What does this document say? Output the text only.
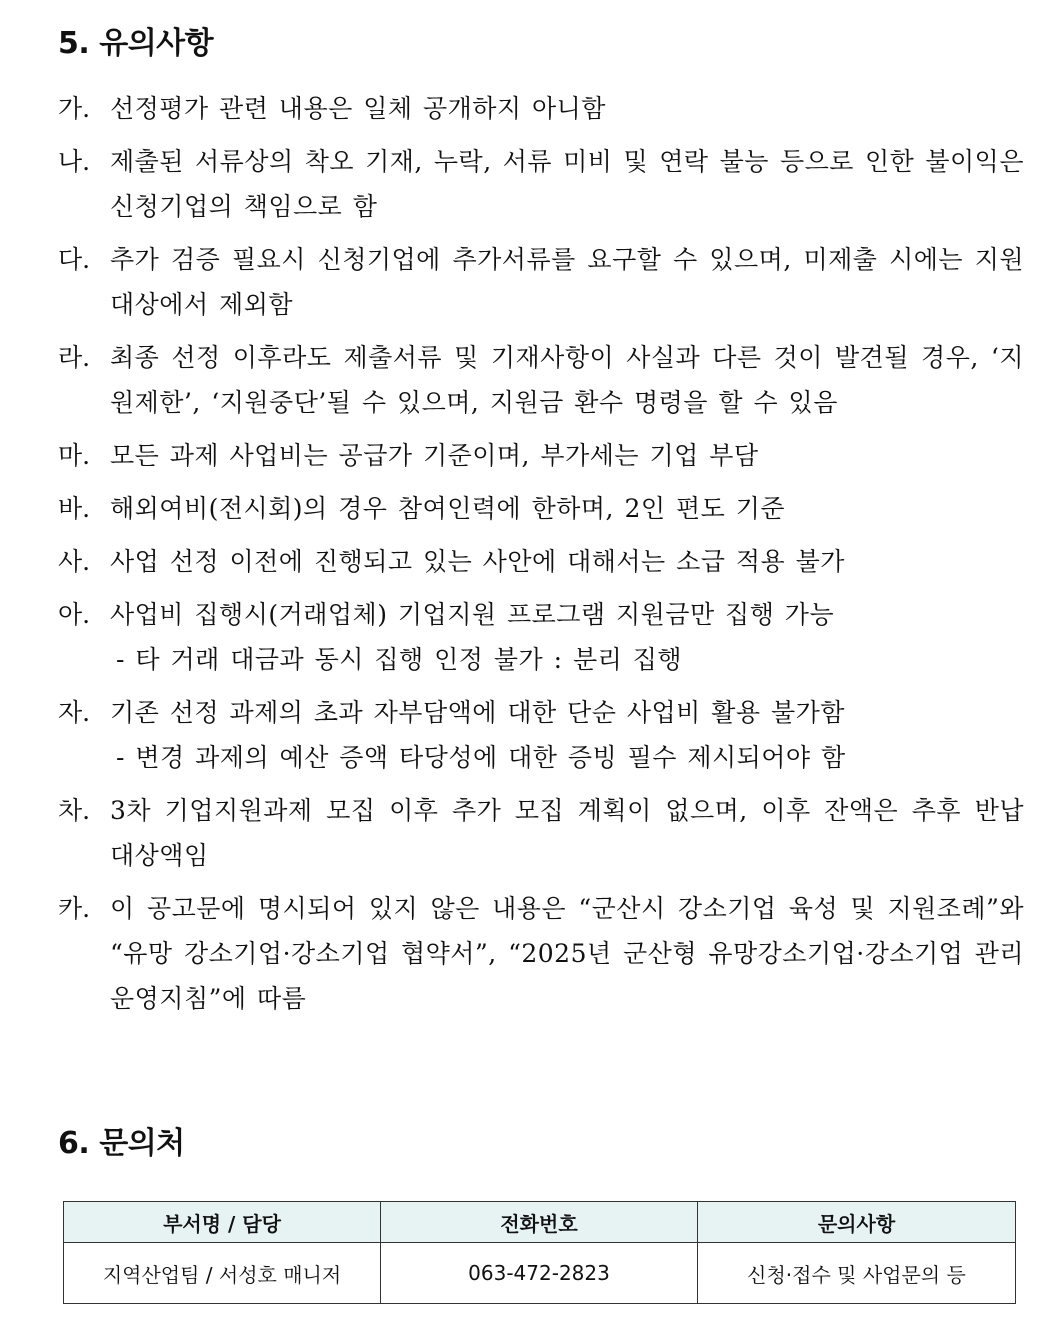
5. 유의사항
가. 선정평가 관련 내용은 일체 공개하지 아니함
나. 제출된 서류상의 착오 기재, 누락, 서류 미비 및 연락 불능 등으로 인한 불이익은 신청기업의 책임으로 함
다. 추가 검증 필요시 신청기업에 추가서류를 요구할 수 있으며, 미제출 시에는 지원 대상에서 제외함
라. 최종 선정 이후라도 제출서류 및 기재사항이 사실과 다른 것이 발견될 경우, ‘지원제한’, ‘지원중단’될 수 있으며, 지원금 환수 명령을 할 수 있음
마. 모든 과제 사업비는 공급가 기준이며, 부가세는 기업 부담
바. 해외여비(전시회)의 경우 참여인력에 한하며, 2인 편도 기준
사. 사업 선정 이전에 진행되고 있는 사안에 대해서는 소급 적용 불가
아. 사업비 집행시(거래업체) 기업지원 프로그램 지원금만 집행 가능
- 타 거래 대금과 동시 집행 인정 불가 : 분리 집행
자. 기존 선정 과제의 초과 자부담액에 대한 단순 사업비 활용 불가함
- 변경 과제의 예산 증액 타당성에 대한 증빙 필수 제시되어야 함
차. 3차 기업지원과제 모집 이후 추가 모집 계획이 없으며, 이후 잔액은 추후 반납 대상액임
카. 이 공고문에 명시되어 있지 않은 내용은 “군산시 강소기업 육성 및 지원조례”와 “유망 강소기업·강소기업 협약서”, “2025년 군산형 유망강소기업·강소기업 관리운영지침”에 따름
6. 문의처
부서명 / 담당	전화번호	문의사항
지역산업팀 / 서성호 매니저	063-472-2823	신청·접수 및 사업문의 등
